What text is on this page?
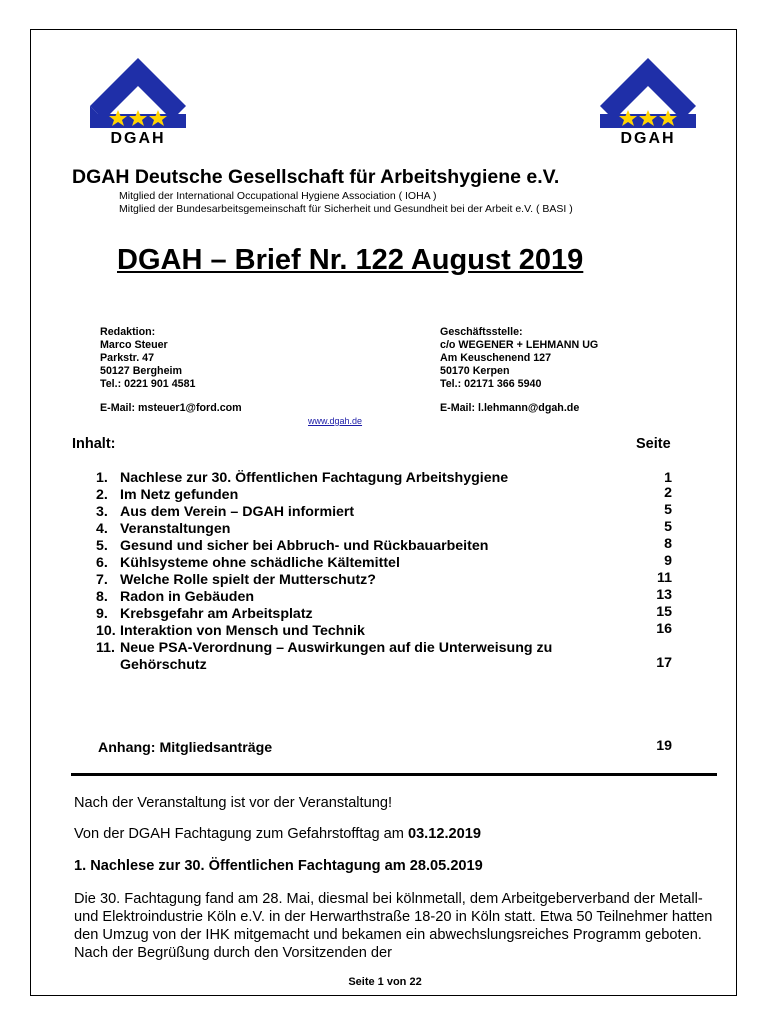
DGAH	DGAH
DGAH Deutsche Gesellschaft für Arbeitshygiene e.V.
Mitglied der International Occupational Hygiene Association ( IOHA )
Mitglied der Bundesarbeitsgemeinschaft für Sicherheit und Gesundheit bei der Arbeit e.V. ( BASI )
DGAH – Brief Nr. 122 August 2019
Redaktion:
Marco Steuer
Parkstr. 47
50127 Bergheim
Tel.: 0221 901 4581
E-Mail: msteuer1@ford.com
Geschäftsstelle:
c/o WEGENER + LEHMANN UG
Am Keuschenend 127
50170 Kerpen
Tel.: 02171 366 5940
E-Mail: l.lehmann@dgah.de
www.dgah.de
Inhalt:	Seite
1. Nachlese zur 30. Öffentlichen Fachtagung Arbeitshygiene	1
2. Im Netz gefunden	2
3. Aus dem Verein – DGAH informiert	5
4. Veranstaltungen	5
5. Gesund und sicher bei Abbruch- und Rückbauarbeiten	8
6. Kühlsysteme ohne schädliche Kältemittel	9
7. Welche Rolle spielt der Mutterschutz?	11
8. Radon in Gebäuden	13
9. Krebsgefahr am Arbeitsplatz	15
10. Interaktion von Mensch und Technik	16
11. Neue PSA-Verordnung – Auswirkungen auf die Unterweisung zu
Gehörschutz	17
Anhang: Mitgliedsanträge	19
Nach der Veranstaltung ist vor der Veranstaltung!
Von der DGAH Fachtagung zum Gefahrstofftag am 03.12.2019
1. Nachlese zur 30. Öffentlichen Fachtagung am 28.05.2019
Die 30. Fachtagung fand am 28. Mai, diesmal bei kölnmetall, dem Arbeitgeberverband der Metall- und Elektroindustrie Köln e.V. in der Herwarthstraße 18-20 in Köln statt. Etwa 50 Teilnehmer hatten den Umzug von der IHK mitgemacht und bekamen ein abwechslungsreiches Programm geboten. Nach der Begrüßung durch den Vorsitzenden der
Seite 1 von 22
